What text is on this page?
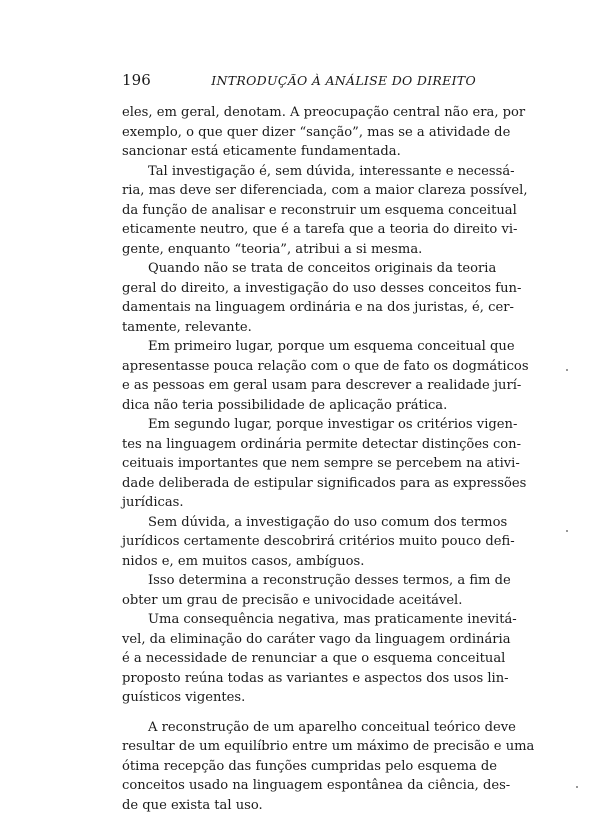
196	INTRODUÇÃO À ANÁLISE DO DIREITO
eles, em geral, denotam. A preocupação central não era, por
exemplo, o que quer dizer “sanção”, mas se a atividade de
sancionar está eticamente fundamentada.
Tal investigação é, sem dúvida, interessante e necessá-
ria, mas deve ser diferenciada, com a maior clareza possível,
da função de analisar e reconstruir um esquema conceitual
eticamente neutro, que é a tarefa que a teoria do direito vi-
gente, enquanto “teoria”, atribui a si mesma.
Quando não se trata de conceitos originais da teoria
geral do direito, a investigação do uso desses conceitos fun-
damentais na linguagem ordinária e na dos juristas, é, cer-
tamente, relevante.
Em primeiro lugar, porque um esquema conceitual que
apresentasse pouca relação com o que de fato os dogmáticos
e as pessoas em geral usam para descrever a realidade jurí-
dica não teria possibilidade de aplicação prática.
Em segundo lugar, porque investigar os critérios vigen-
tes na linguagem ordinária permite detectar distinções con-
ceituais importantes que nem sempre se percebem na ativi-
dade deliberada de estipular significados para as expressões
jurídicas.
Sem dúvida, a investigação do uso comum dos termos
jurídicos certamente descobrirá critérios muito pouco defi-
nidos e, em muitos casos, ambíguos.
Isso determina a reconstrução desses termos, a fim de
obter um grau de precisão e univocidade aceitável.
Uma consequência negativa, mas praticamente inevitá-
vel, da eliminação do caráter vago da linguagem ordinária
é a necessidade de renunciar a que o esquema conceitual
proposto reúna todas as variantes e aspectos dos usos lin-
guísticos vigentes.
A reconstrução de um aparelho conceitual teórico deve
resultar de um equilíbrio entre um máximo de precisão e uma
ótima recepção das funções cumpridas pelo esquema de
conceitos usado na linguagem espontânea da ciência, des-
de que exista tal uso.
